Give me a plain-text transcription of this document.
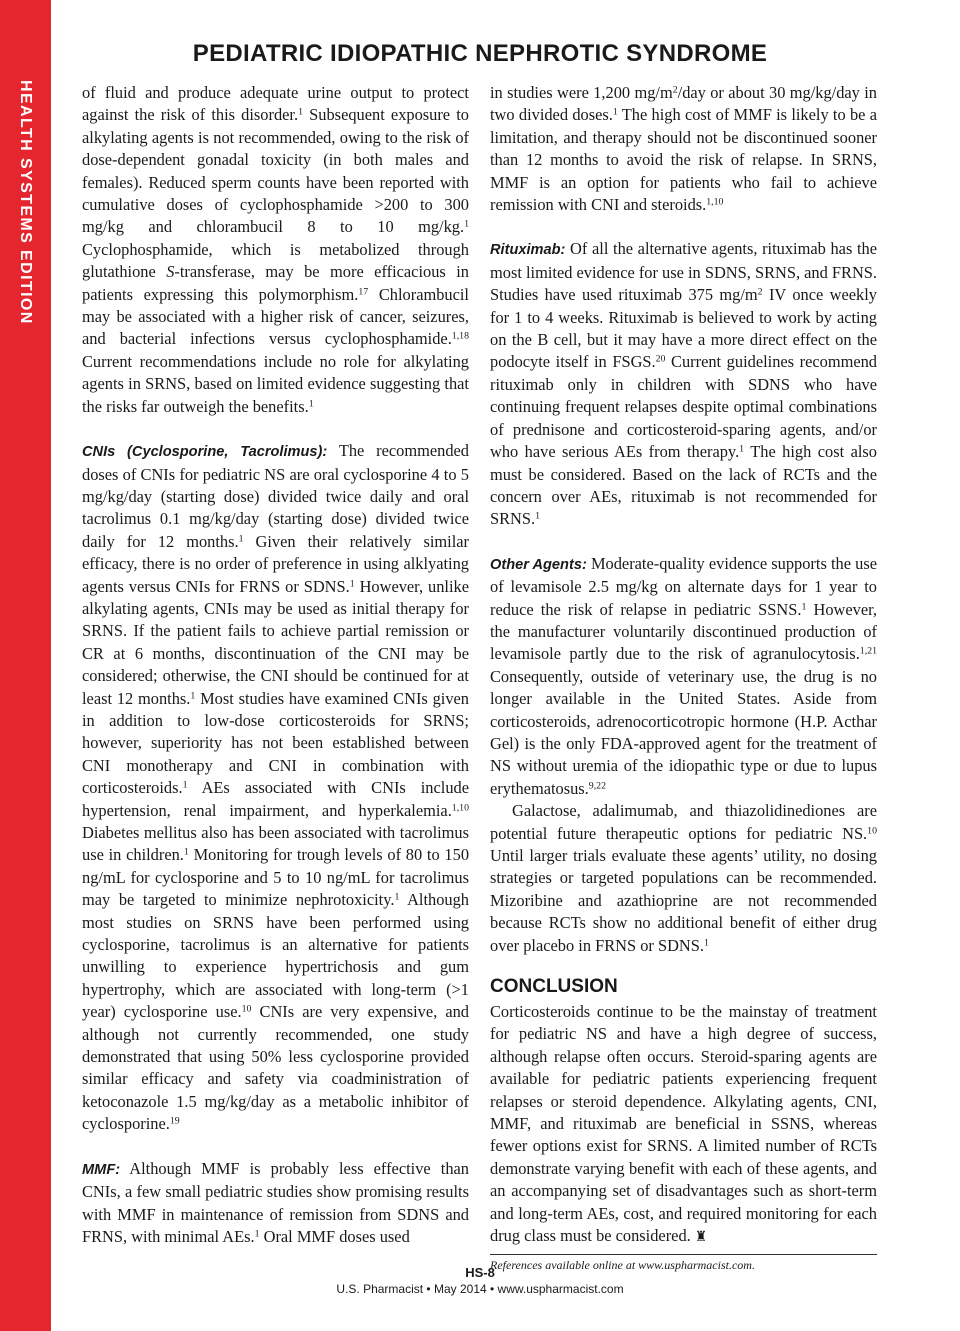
HEALTH SYSTEMS EDITION
PEDIATRIC IDIOPATHIC NEPHROTIC SYNDROME

of fluid and produce adequate urine output to protect against the risk of this disorder.$^1$ Subsequent exposure to alkylating agents is not recommended, owing to the risk of dose-dependent gonadal toxicity (in both males and females). Reduced sperm counts have been reported with cumulative doses of cyclophosphamide >200 to 300 mg/kg and chlorambucil 8 to 10 mg/kg.$^1$ Cyclophosphamide, which is metabolized through glutathione S-transferase, may be more efficacious in patients expressing this polymorphism.$^{17}$ Chlorambucil may be associated with a higher risk of cancer, seizures, and bacterial infections versus cyclophosphamide.$^{1,18}$ Current recommendations include no role for alkylating agents in SRNS, based on limited evidence suggesting that the risks far outweigh the benefits.$^1$

CNIs (Cyclosporine, Tacrolimus): The recommended doses of CNIs for pediatric NS are oral cyclosporine 4 to 5 mg/kg/day (starting dose) divided twice daily and oral tacrolimus 0.1 mg/kg/day (starting dose) divided twice daily for 12 months.$^1$ Given their relatively similar efficacy, there is no order of preference in using alklyating agents versus CNIs for FRNS or SDNS.$^1$ However, unlike alkylating agents, CNIs may be used as initial therapy for SRNS. If the patient fails to achieve partial remission or CR at 6 months, discontinuation of the CNI may be considered; otherwise, the CNI should be continued for at least 12 months.$^1$ Most studies have examined CNIs given in addition to low-dose corticosteroids for SRNS; however, superiority has not been established between CNI monotherapy and CNI in combination with corticosteroids.$^1$ AEs associated with CNIs include hypertension, renal impairment, and hyperkalemia.$^{1,10}$ Diabetes mellitus also has been associated with tacrolimus use in children.$^1$ Monitoring for trough levels of 80 to 150 ng/mL for cyclosporine and 5 to 10 ng/mL for tacrolimus may be targeted to minimize nephrotoxicity.$^1$ Although most studies on SRNS have been performed using cyclosporine, tacrolimus is an alternative for patients unwilling to experience hypertrichosis and gum hypertrophy, which are associated with long-term (>1 year) cyclosporine use.$^{10}$ CNIs are very expensive, and although not currently recommended, one study demonstrated that using 50% less cyclosporine provided similar efficacy and safety via coadministration of ketoconazole 1.5 mg/kg/day as a metabolic inhibitor of cyclosporine.$^{19}$

MMF: Although MMF is probably less effective than CNIs, a few small pediatric studies show promising results with MMF in maintenance of remission from SDNS and FRNS, with minimal AEs.$^1$ Oral MMF doses used

in studies were 1,200 $mg/m^2$/day or about 30 mg/kg/day in two divided doses.$^1$ The high cost of MMF is likely to be a limitation, and therapy should not be discontinued sooner than 12 months to avoid the risk of relapse. In SRNS, MMF is an option for patients who fail to achieve remission with CNI and steroids.$^{1,10}$

Rituximab: Of all the alternative agents, rituximab has the most limited evidence for use in SDNS, SRNS, and FRNS. Studies have used rituximab 375 $mg/m^2$ IV once weekly for 1 to 4 weeks. Rituximab is believed to work by acting on the B cell, but it may have a more direct effect on the podocyte itself in FSGS.$^{20}$ Current guidelines recommend rituximab only in children with SDNS who have continuing frequent relapses despite optimal combinations of prednisone and corticosteroid-sparing agents, and/or who have serious AEs from therapy.$^1$ The high cost also must be considered. Based on the lack of RCTs and the concern over AEs, rituximab is not recommended for SRNS.$^1$

Other Agents: Moderate-quality evidence supports the use of levamisole 2.5 mg/kg on alternate days for 1 year to reduce the risk of relapse in pediatric SSNS.$^1$ However, the manufacturer voluntarily discontinued production of levamisole partly due to the risk of agranulocytosis.$^{1,21}$ Consequently, outside of veterinary use, the drug is no longer available in the United States. Aside from corticosteroids, adrenocorticotropic hormone (H.P. Acthar Gel) is the only FDA-approved agent for the treatment of NS without uremia of the idiopathic type or due to lupus erythematosus.$^{9,22}$

Galactose, adalimumab, and thiazolidinediones are potential future therapeutic options for pediatric NS.$^{10}$ Until larger trials evaluate these agents’ utility, no dosing strategies or targeted populations can be recommended. Mizoribine and azathioprine are not recommended because RCTs show no additional benefit of either drug over placebo in FRNS or SDNS.$^1$

CONCLUSION

Corticosteroids continue to be the mainstay of treatment for pediatric NS and have a high degree of success, although relapse often occurs. Steroid-sparing agents are available for pediatric patients experiencing frequent relapses or steroid dependence. Alkylating agents, CNI, MMF, and rituximab are beneficial in SSNS, whereas fewer options exist for SRNS. A limited number of RCTs demonstrate varying benefit with each of these agents, and an accompanying set of disadvantages such as short-term and long-term AEs, cost, and required monitoring for each drug class must be considered. ♜

References available online at www.uspharmacist.com.
HS-8
U.S. Pharmacist • May 2014 • www.uspharmacist.com
